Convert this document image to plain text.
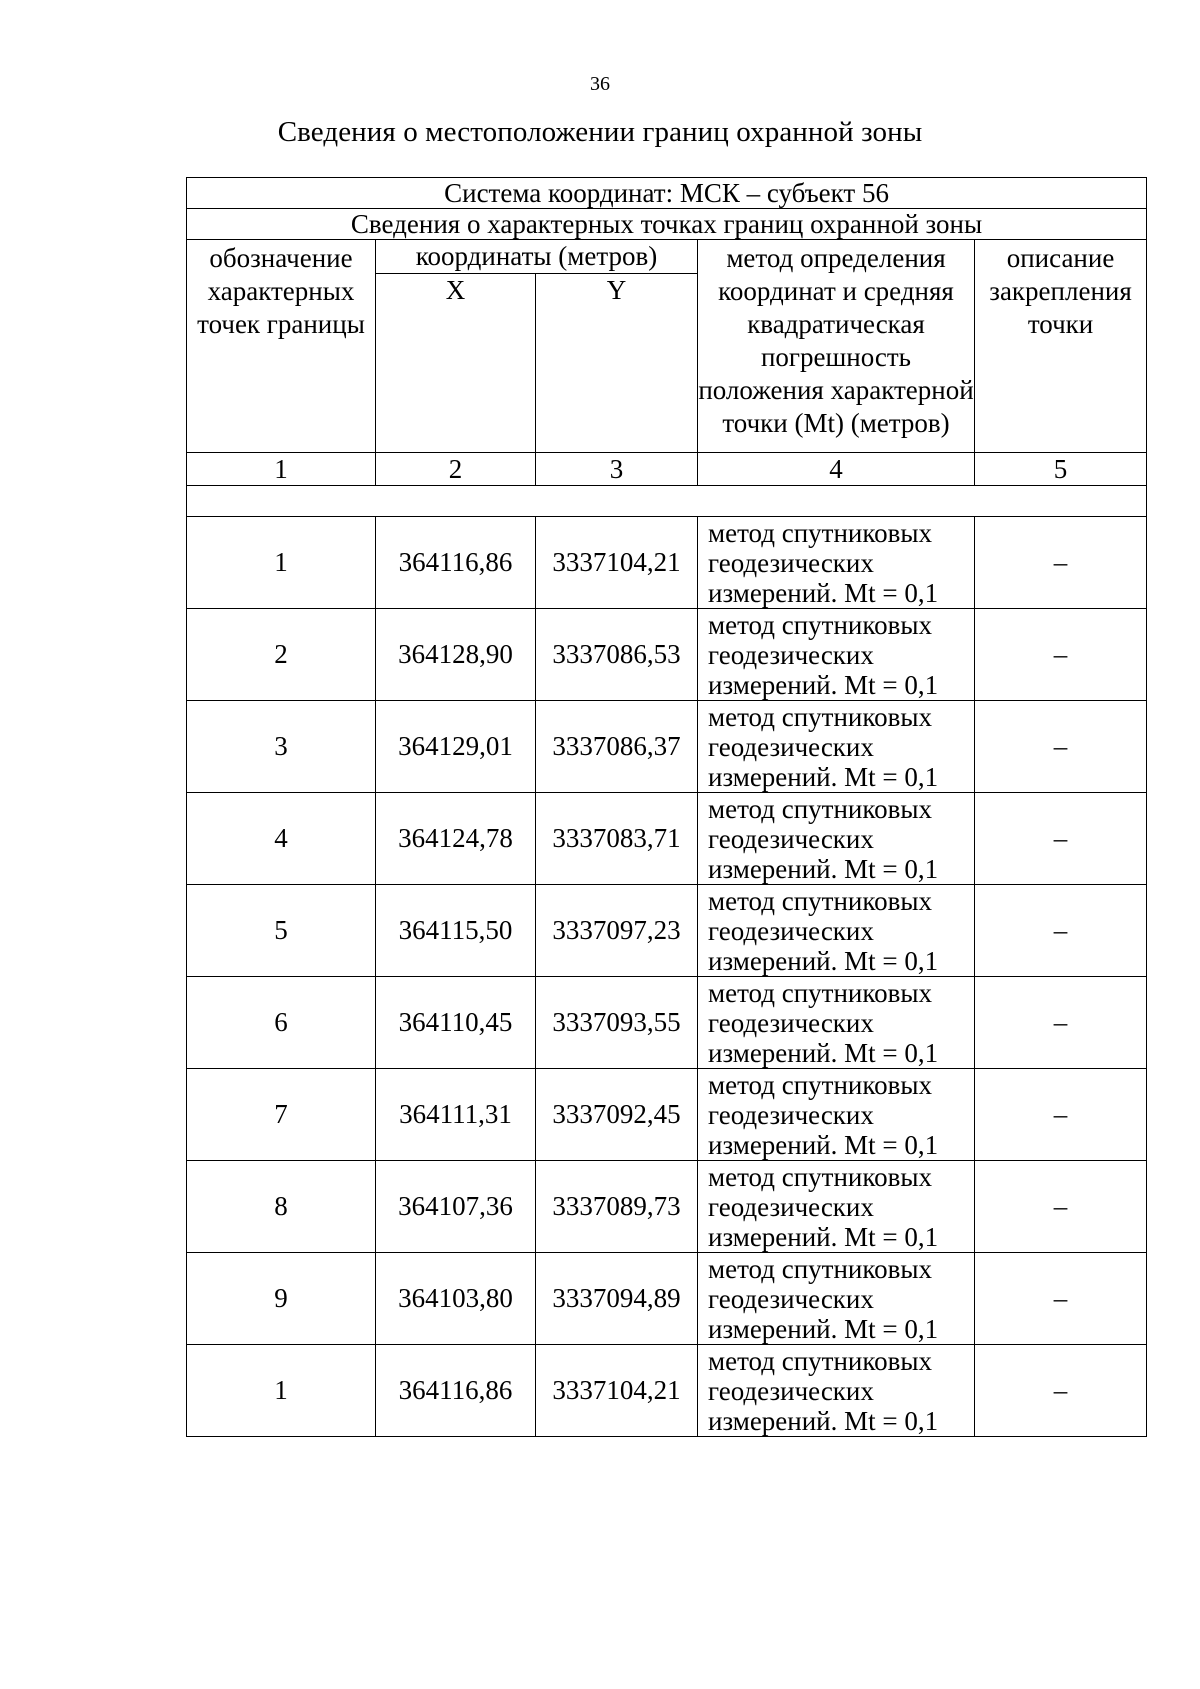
36
Сведения о местоположении границ охранной зоны
Система координат: МСК – субъект 56				
Сведения о характерных точках границ охранной зоны				
обозначение характерных точек границы	координаты (метров)		метод определения координат и средняя квадратическая погрешность положения характерной точки (Mt) (метров)	описание закрепления точки
	X	Y		
1	2	3	4	5

1	364116,86	3337104,21	метод спутниковых геодезических измерений. Mt = 0,1	–
2	364128,90	3337086,53	метод спутниковых геодезических измерений. Mt = 0,1	–
3	364129,01	3337086,37	метод спутниковых геодезических измерений. Mt = 0,1	–
4	364124,78	3337083,71	метод спутниковых геодезических измерений. Mt = 0,1	–
5	364115,50	3337097,23	метод спутниковых геодезических измерений. Mt = 0,1	–
6	364110,45	3337093,55	метод спутниковых геодезических измерений. Mt = 0,1	–
7	364111,31	3337092,45	метод спутниковых геодезических измерений. Mt = 0,1	–
8	364107,36	3337089,73	метод спутниковых геодезических измерений. Mt = 0,1	–
9	364103,80	3337094,89	метод спутниковых геодезических измерений. Mt = 0,1	–
1	364116,86	3337104,21	метод спутниковых геодезических измерений. Mt = 0,1	–
